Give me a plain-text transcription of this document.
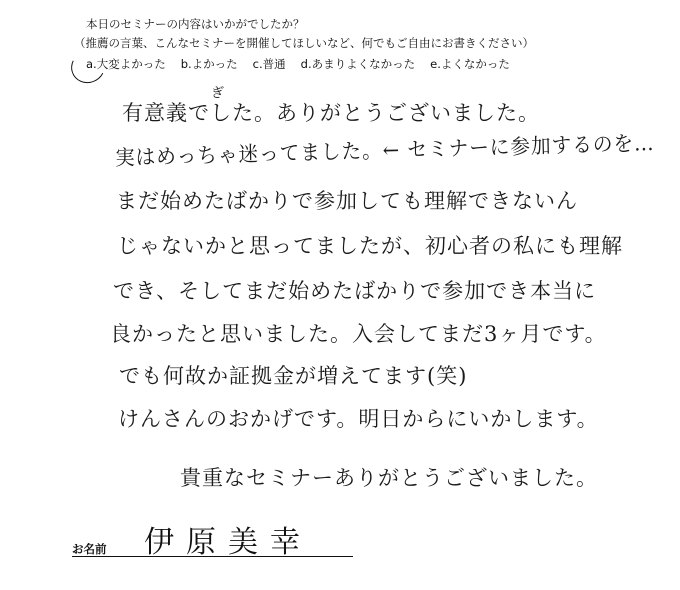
本日のセミナーの内容はいかがでしたか？
（推薦の言葉、こんなセミナーを開催してほしいなど、何でもご自由にお書きください）
a.大変よかった b.よかった c.普通 d.あまりよくなかった e.よくなかった
ぎ
有意義でした。ありがとうございました。
実はめっちゃ迷ってました。← セミナーに参加するのを…
まだ始めたばかりで参加しても理解できないん
じゃないかと思ってましたが、初心者の私にも理解
でき、そしてまだ始めたばかりで参加でき本当に
良かったと思いました。入会してまだ3ヶ月です。
でも何故か証拠金が増えてます(笑)
けんさんのおかげです。明日からにいかします。
貴重なセミナーありがとうございました。
お名前 伊原美幸
